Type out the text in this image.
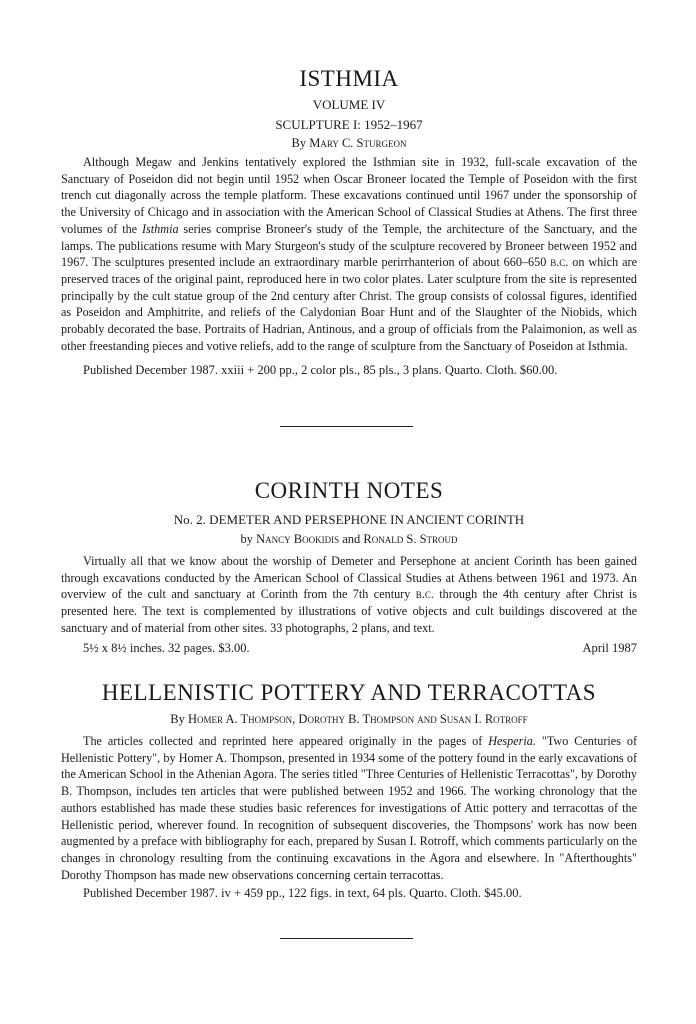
ISTHMIA

VOLUME IV

SCULPTURE I: 1952–1967

By Mary C. Sturgeon

Although Megaw and Jenkins tentatively explored the Isthmian site in 1932, full-scale excavation of the Sanctuary of Poseidon did not begin until 1952 when Oscar Broneer located the Temple of Poseidon with the first trench cut diagonally across the temple platform. These excavations continued until 1967 under the sponsorship of the University of Chicago and in association with the American School of Classical Studies at Athens. The first three volumes of the Isthmia series comprise Broneer's study of the Temple, the architecture of the Sanctuary, and the lamps. The publications resume with Mary Sturgeon's study of the sculpture recovered by Broneer between 1952 and 1967. The sculptures presented include an extraordinary marble perirrhanterion of about 660–650 b.c. on which are preserved traces of the original paint, reproduced here in two color plates. Later sculpture from the site is represented principally by the cult statue group of the 2nd century after Christ. The group consists of colossal figures, identified as Poseidon and Amphitrite, and reliefs of the Calydonian Boar Hunt and of the Slaughter of the Niobids, which probably decorated the base. Portraits of Hadrian, Antinous, and a group of officials from the Palaimonion, as well as other freestanding pieces and votive reliefs, add to the range of sculpture from the Sanctuary of Poseidon at Isthmia.

Published December 1987. xxiii + 200 pp., 2 color pls., 85 pls., 3 plans. Quarto. Cloth. $60.00.

CORINTH NOTES

No. 2. DEMETER AND PERSEPHONE IN ANCIENT CORINTH

by Nancy Bookidis and Ronald S. Stroud

Virtually all that we know about the worship of Demeter and Persephone at ancient Corinth has been gained through excavations conducted by the American School of Classical Studies at Athens between 1961 and 1973. An overview of the cult and sanctuary at Corinth from the 7th century b.c. through the 4th century after Christ is presented here. The text is complemented by illustrations of votive objects and cult buildings discovered at the sanctuary and of material from other sites. 33 photographs, 2 plans, and text.

5½ x 8½ inches. 32 pages. $3.00.	April 1987
HELLENISTIC POTTERY AND TERRACOTTAS

By Homer A. Thompson, Dorothy B. Thompson and Susan I. Rotroff

The articles collected and reprinted here appeared originally in the pages of Hesperia. "Two Centuries of Hellenistic Pottery", by Homer A. Thompson, presented in 1934 some of the pottery found in the early excavations of the American School in the Athenian Agora. The series titled "Three Centuries of Hellenistic Terracottas", by Dorothy B. Thompson, includes ten articles that were published between 1952 and 1966. The working chronology that the authors established has made these studies basic references for investigations of Attic pottery and terracottas of the Hellenistic period, wherever found. In recognition of subsequent discoveries, the Thompsons' work has now been augmented by a preface with bibliography for each, prepared by Susan I. Rotroff, which comments particularly on the changes in chronology resulting from the continuing excavations in the Agora and elsewhere. In "Afterthoughts" Dorothy Thompson has made new observations concerning certain terracottas.

Published December 1987. iv + 459 pp., 122 figs. in text, 64 pls. Quarto. Cloth. $45.00.
